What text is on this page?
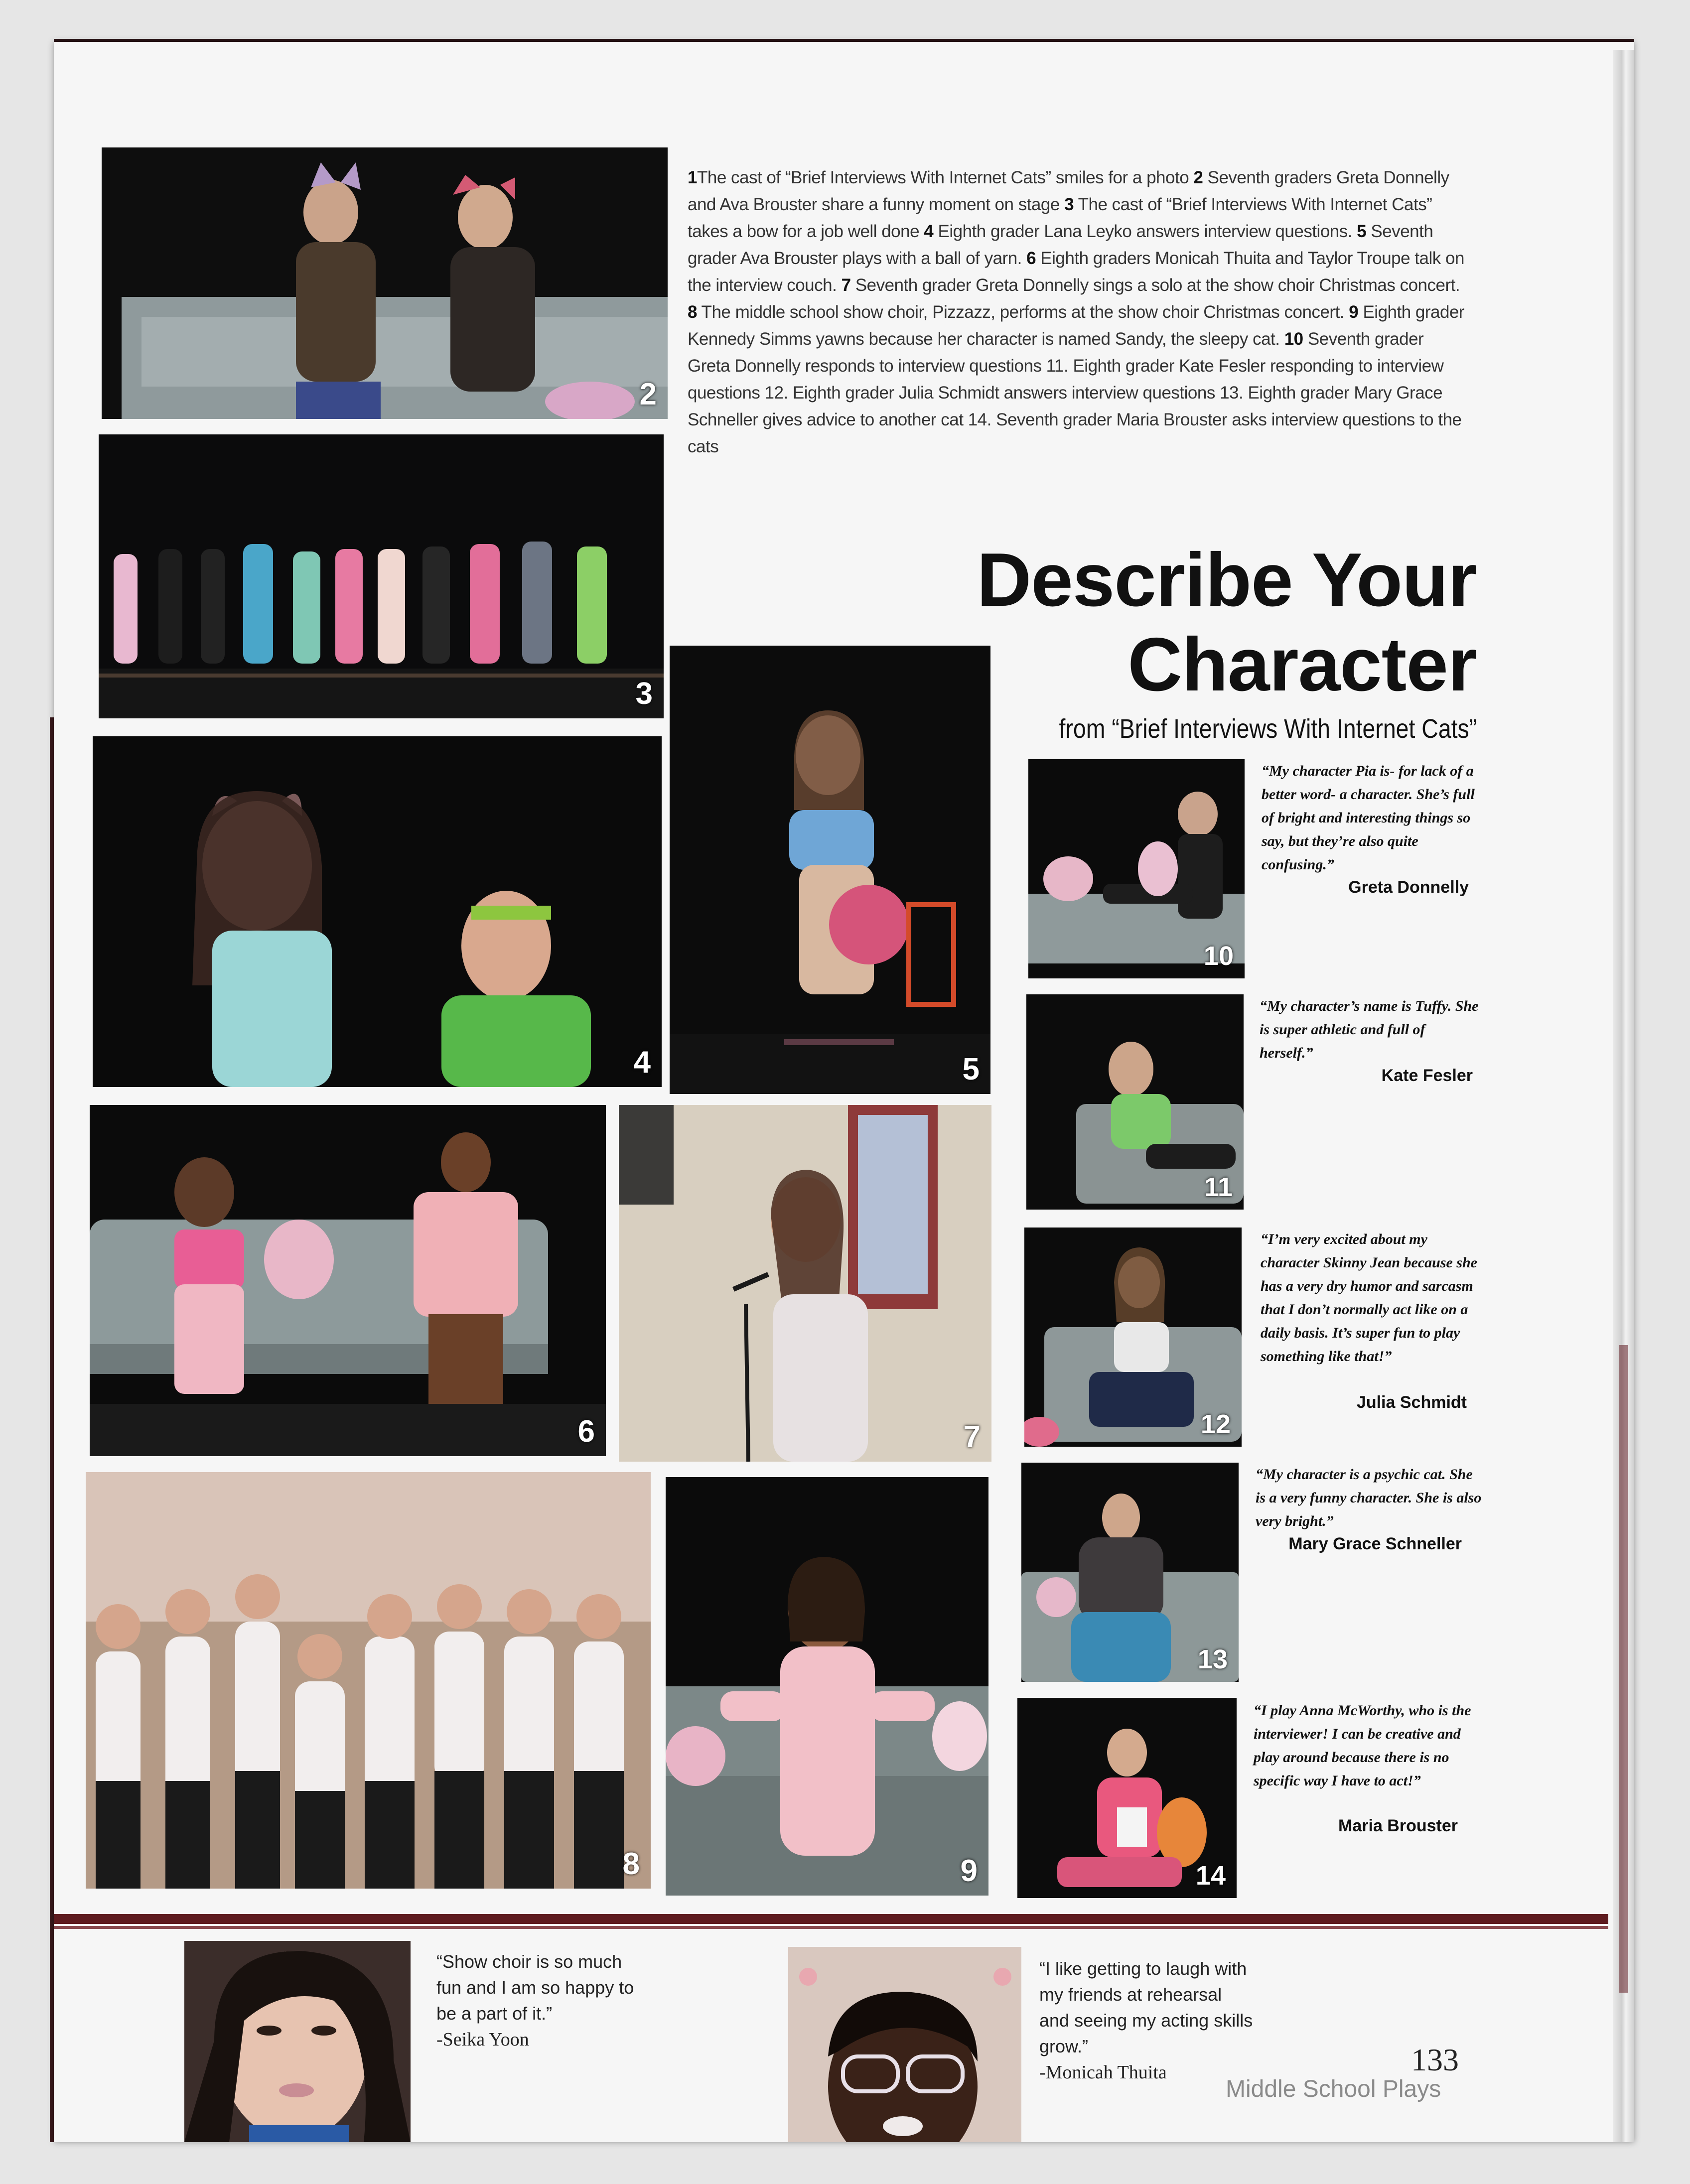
2
3
4	5
6	7
8	9
Describe Your
Character
from “Brief Interviews With Internet Cats”
1The cast of “Brief Interviews With Internet Cats” smiles for a photo 2 Seventh graders Greta Donnelly and Ava Brouster share a funny moment on stage 3 The cast of “Brief Interviews With Internet Cats” takes a bow for a job well done 4 Eighth grader Lana Leyko answers interview questions. 5 Seventh grader Ava Brouster plays with a ball of yarn. 6 Eighth graders Monicah Thuita and Taylor Troupe talk on the interview couch. 7 Seventh grader Greta Donnelly sings a solo at the show choir Christmas concert. 8 The middle school show choir, Pizzazz, performs at the show choir Christmas concert. 9 Eighth grader Kennedy Simms yawns because her character is named Sandy, the sleepy cat. 10 Seventh grader Greta Donnelly responds to interview questions 11. Eighth grader Kate Fesler responding to interview questions 12. Eighth grader Julia Schmidt answers interview questions 13. Eighth grader Mary Grace Schneller gives advice to another cat 14. Seventh grader Maria Brouster asks interview questions to the cats
10
11
12
13
14
“My character Pia is- for lack of a better word- a character. She’s full of bright and interesting things so say, but they’re also quite confusing.”
Greta Donnelly
“My character’s name is Tuffy. She is super athletic and full of herself.”
Kate Fesler
“I’m very excited about my character Skinny Jean because she has a very dry humor and sarcasm that I don’t normally act like on a daily basis. It’s super fun to play something like that!”
Julia Schmidt
“My character is a psychic cat. She is a very funny character. She is also very bright.”
Mary Grace Schneller
“I play Anna McWorthy, who is the interviewer! I can be creative and play around because there is no specific way I have to act!”
Maria Brouster
“Show choir is so much fun and I am so happy to be a part of it.”
-Seika Yoon
“I like getting to laugh with my friends at rehearsal and seeing my acting skills grow.”
-Monicah Thuita	133
Middle School Plays
